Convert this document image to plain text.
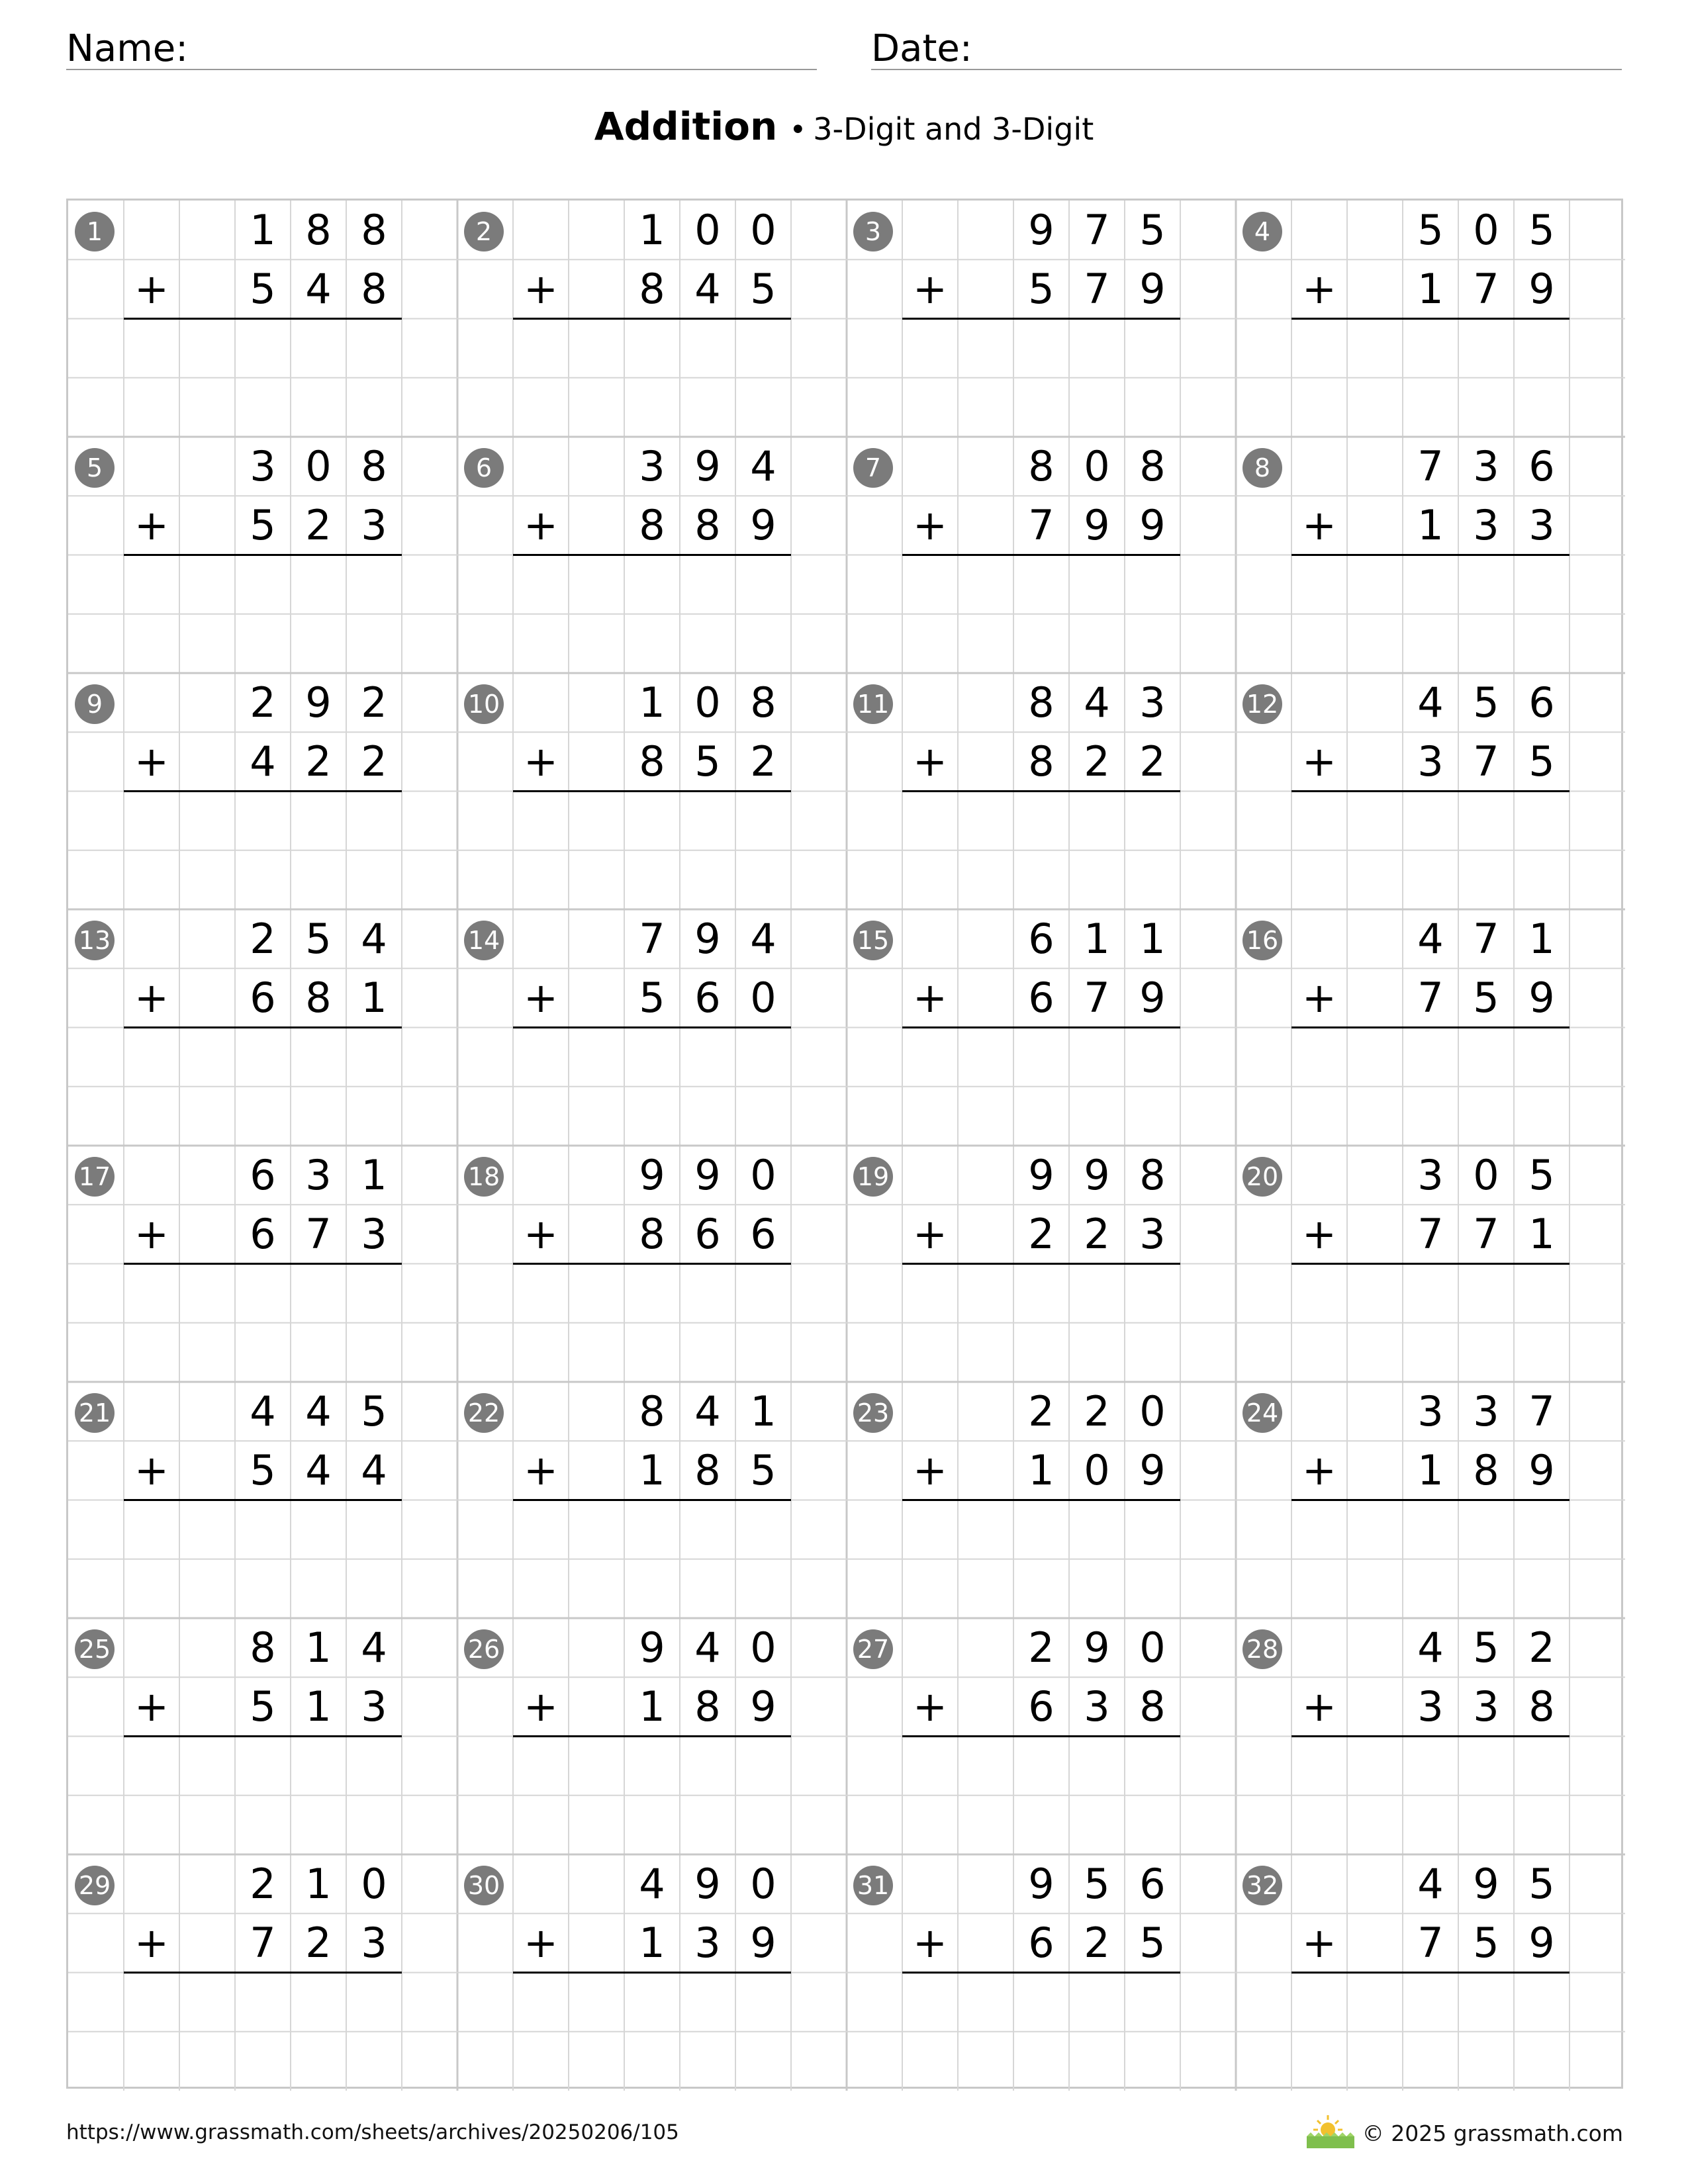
Name:	Date:
Addition • 3-Digit and 3-Digit
1	1 8 8
+	5 4 8
2	1 0 0
+	8 4 5
3	9 7 5
+	5 7 9
4	5 0 5
+	1 7 9
5	3 0 8
+	5 2 3
6	3 9 4
+	8 8 9
7	8 0 8
+	7 9 9
8	7 3 6
+	1 3 3
9	2 9 2
+	4 2 2
10	1 0 8
+	8 5 2
11	8 4 3
+	8 2 2
12	4 5 6
+	3 7 5
13	2 5 4
+	6 8 1
14	7 9 4
+	5 6 0
15	6 1 1
+	6 7 9
16	4 7 1
+	7 5 9
17	6 3 1
+	6 7 3
18	9 9 0
+	8 6 6
19	9 9 8
+	2 2 3
20	3 0 5
+	7 7 1
21	4 4 5
+	5 4 4
22	8 4 1
+	1 8 5
23	2 2 0
+	1 0 9
24	3 3 7
+	1 8 9
25	8 1 4
+	5 1 3
26	9 4 0
+	1 8 9
27	2 9 0
+	6 3 8
28	4 5 2
+	3 3 8
29	2 1 0
+	7 2 3
30	4 9 0
+	1 3 9
31	9 5 6
+	6 2 5
32	4 9 5
+	7 5 9
https://www.grassmath.com/sheets/archives/20250206/105	© 2025 grassmath.com
